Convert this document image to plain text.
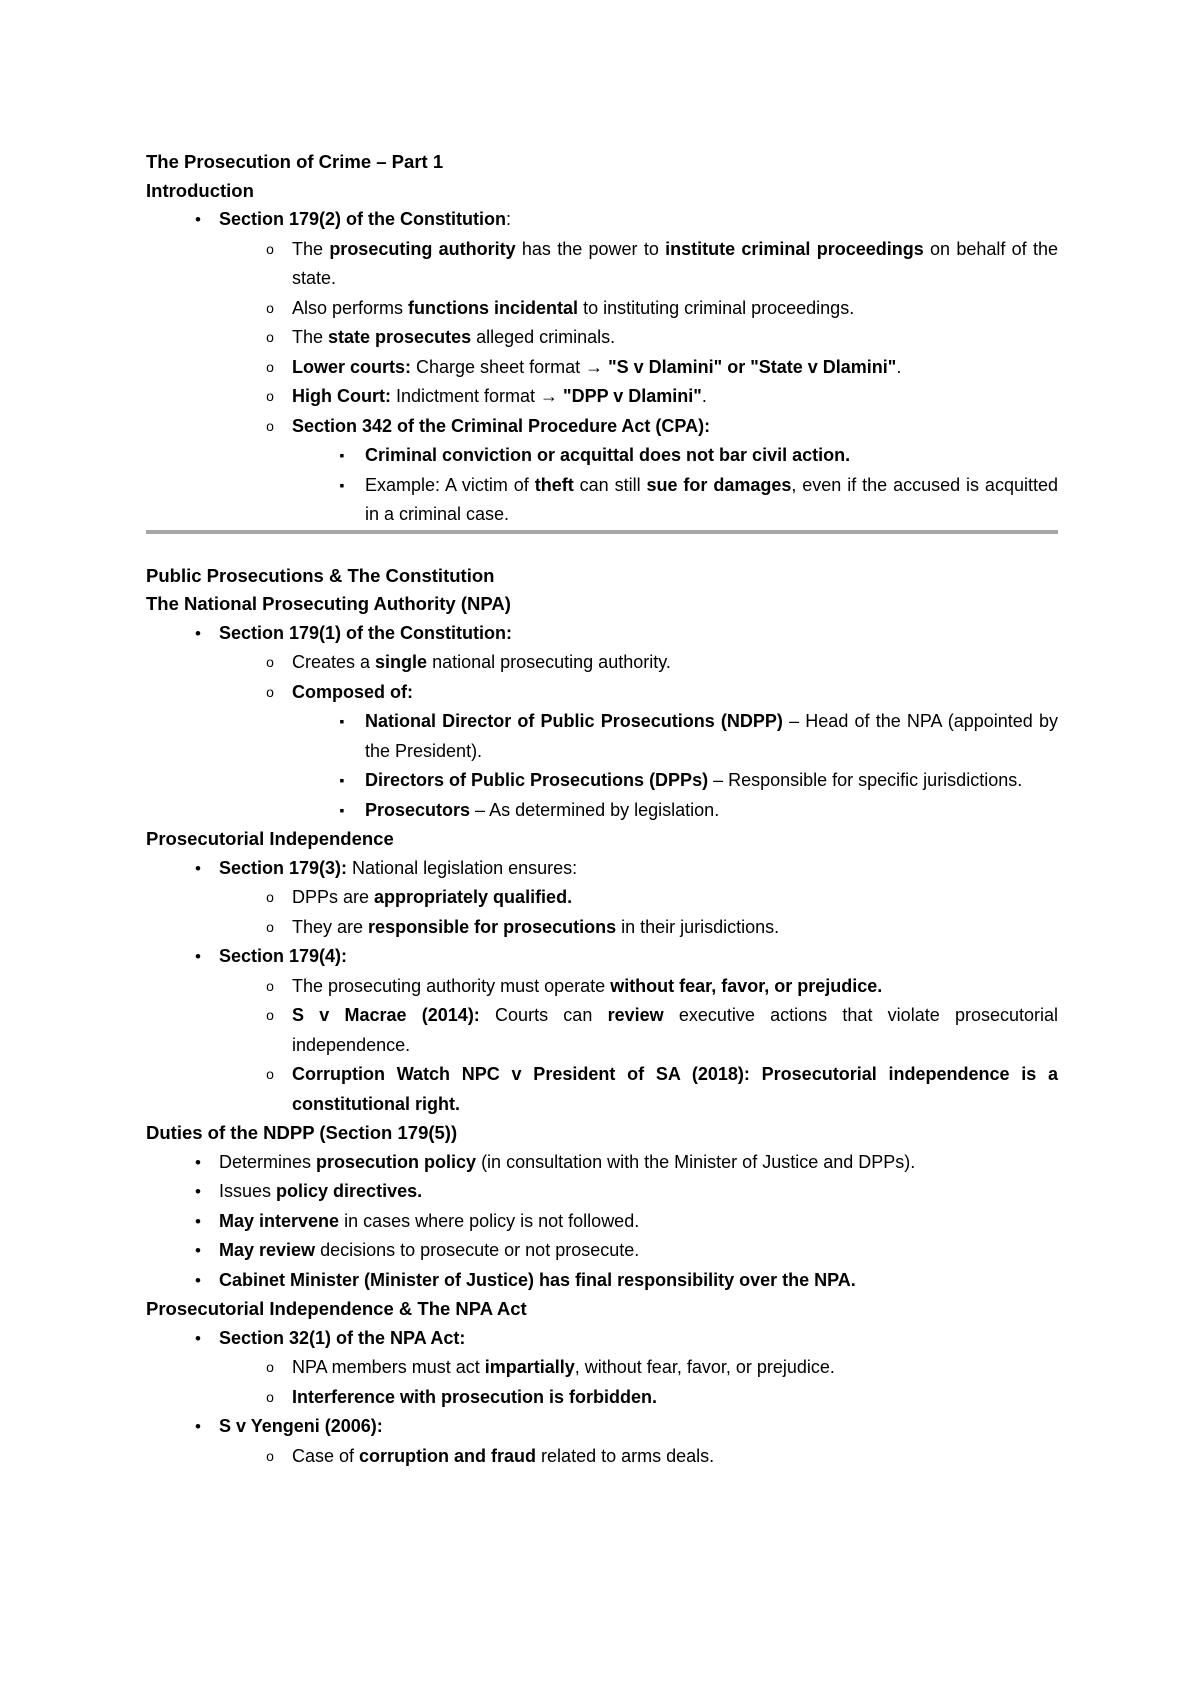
The Prosecution of Crime – Part 1
Introduction
•	Section 179(2) of the Constitution:
o	The prosecuting authority has the power to institute criminal proceedings on behalf of the state.
o	Also performs functions incidental to instituting criminal proceedings.
o	The state prosecutes alleged criminals.
o	Lower courts: Charge sheet format → "S v Dlamini" or "State v Dlamini".
o	High Court: Indictment format → "DPP v Dlamini".
o	Section 342 of the Criminal Procedure Act (CPA):
▪	Criminal conviction or acquittal does not bar civil action.
▪	Example: A victim of theft can still sue for damages, even if the accused is acquitted in a criminal case.
Public Prosecutions & The Constitution
The National Prosecuting Authority (NPA)
•	Section 179(1) of the Constitution:
o	Creates a single national prosecuting authority.
o	Composed of:
▪	National Director of Public Prosecutions (NDPP) – Head of the NPA (appointed by the President).
▪	Directors of Public Prosecutions (DPPs) – Responsible for specific jurisdictions.
▪	Prosecutors – As determined by legislation.
Prosecutorial Independence
•	Section 179(3): National legislation ensures:
o	DPPs are appropriately qualified.
o	They are responsible for prosecutions in their jurisdictions.
•	Section 179(4):
o	The prosecuting authority must operate without fear, favor, or prejudice.
o	S v Macrae (2014): Courts can review executive actions that violate prosecutorial independence.
o	Corruption Watch NPC v President of SA (2018): Prosecutorial independence is a constitutional right.
Duties of the NDPP (Section 179(5))
•	Determines prosecution policy (in consultation with the Minister of Justice and DPPs).
•	Issues policy directives.
•	May intervene in cases where policy is not followed.
•	May review decisions to prosecute or not prosecute.
•	Cabinet Minister (Minister of Justice) has final responsibility over the NPA.
Prosecutorial Independence & The NPA Act
•	Section 32(1) of the NPA Act:
o	NPA members must act impartially, without fear, favor, or prejudice.
o	Interference with prosecution is forbidden.
•	S v Yengeni (2006):
o	Case of corruption and fraud related to arms deals.
